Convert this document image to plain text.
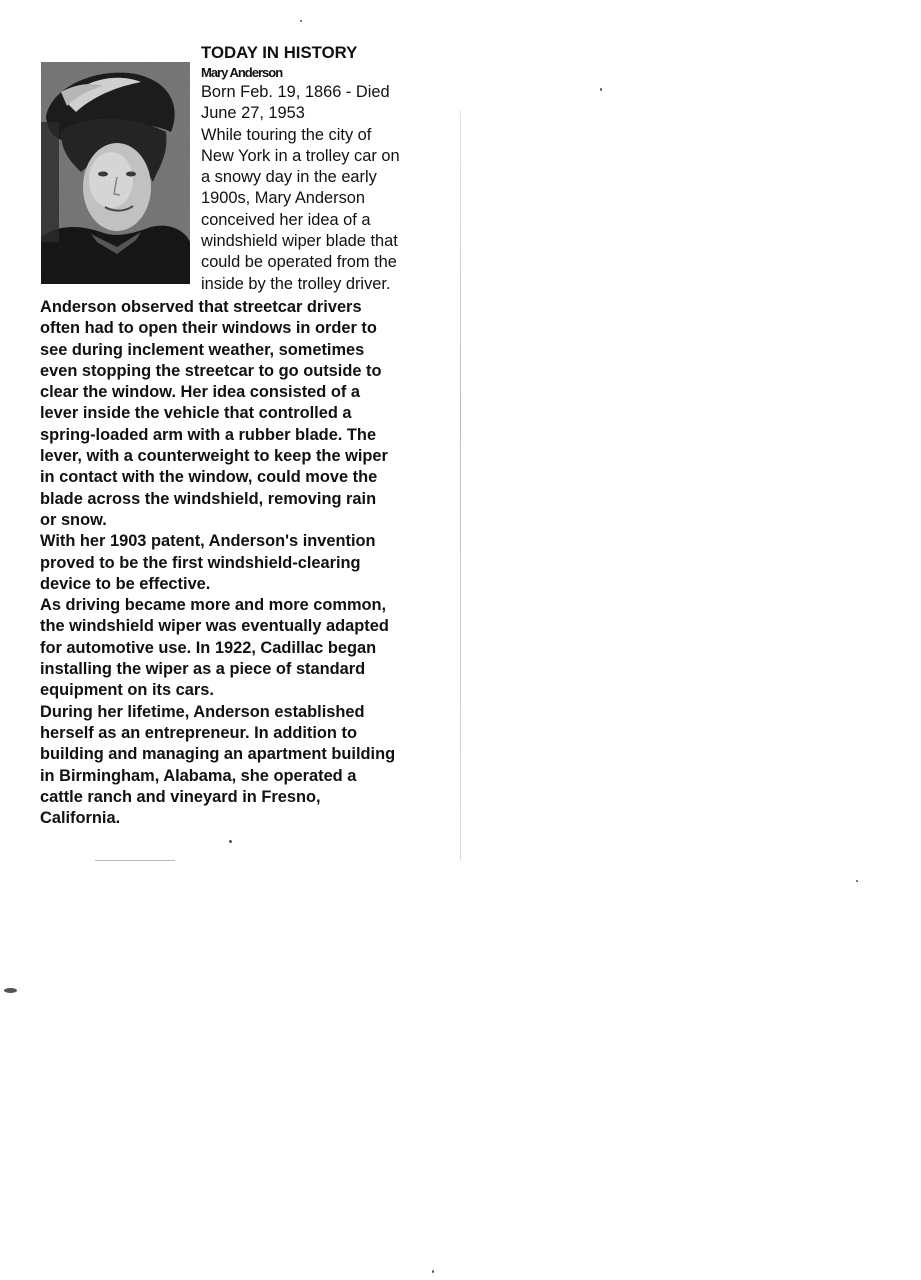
TODAY IN HISTORY

Mary Anderson

Born Feb. 19, 1866 - Died

June 27, 1953

While touring the city of

New York in a trolley car on

a snowy day in the early

1900s, Mary Anderson

conceived her idea of a

windshield wiper blade that

could be operated from the

inside by the trolley driver.

Anderson observed that streetcar drivers

often had to open their windows in order to

see during inclement weather, sometimes

even stopping the streetcar to go outside to

clear the window. Her idea consisted of a

lever inside the vehicle that controlled a

spring-loaded arm with a rubber blade. The

lever, with a counterweight to keep the wiper

in contact with the window, could move the

blade across the windshield, removing rain

or snow.

With her 1903 patent, Anderson's invention

proved to be the first windshield-clearing

device to be effective.

As driving became more and more common,

the windshield wiper was eventually adapted

for automotive use. In 1922, Cadillac began

installing the wiper as a piece of standard

equipment on its cars.

During her lifetime, Anderson established

herself as an entrepreneur. In addition to

building and managing an apartment building

in Birmingham, Alabama, she operated a

cattle ranch and vineyard in Fresno,

California.
